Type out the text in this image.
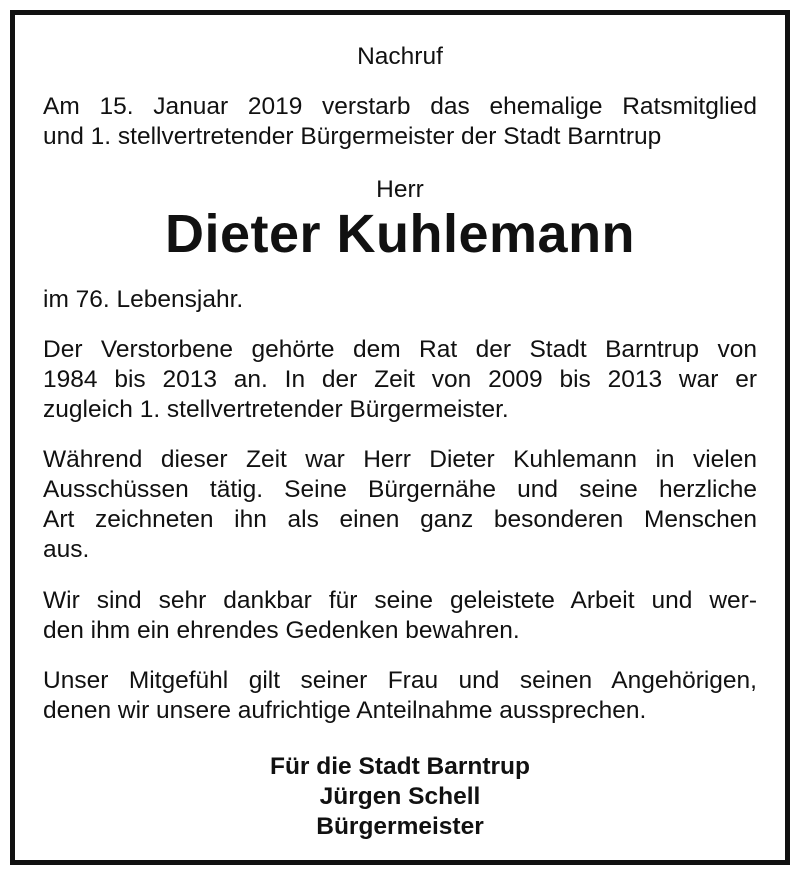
Nachruf
Am 15. Januar 2019 verstarb das ehemalige Ratsmitglied
und 1. stellvertretender Bürgermeister der Stadt Barntrup
Herr
Dieter Kuhlemann
im 76. Lebensjahr.
Der Verstorbene gehörte dem Rat der Stadt Barntrup von
1984 bis 2013 an. In der Zeit von 2009 bis 2013 war er
zugleich 1. stellvertretender Bürgermeister.
Während dieser Zeit war Herr Dieter Kuhlemann in vielen
Ausschüssen tätig. Seine Bürgernähe und seine herzliche
Art zeichneten ihn als einen ganz besonderen Menschen
aus.
Wir sind sehr dankbar für seine geleistete Arbeit und wer-
den ihm ein ehrendes Gedenken bewahren.
Unser Mitgefühl gilt seiner Frau und seinen Angehörigen,
denen wir unsere aufrichtige Anteilnahme aussprechen.
Für die Stadt Barntrup
Jürgen Schell
Bürgermeister
